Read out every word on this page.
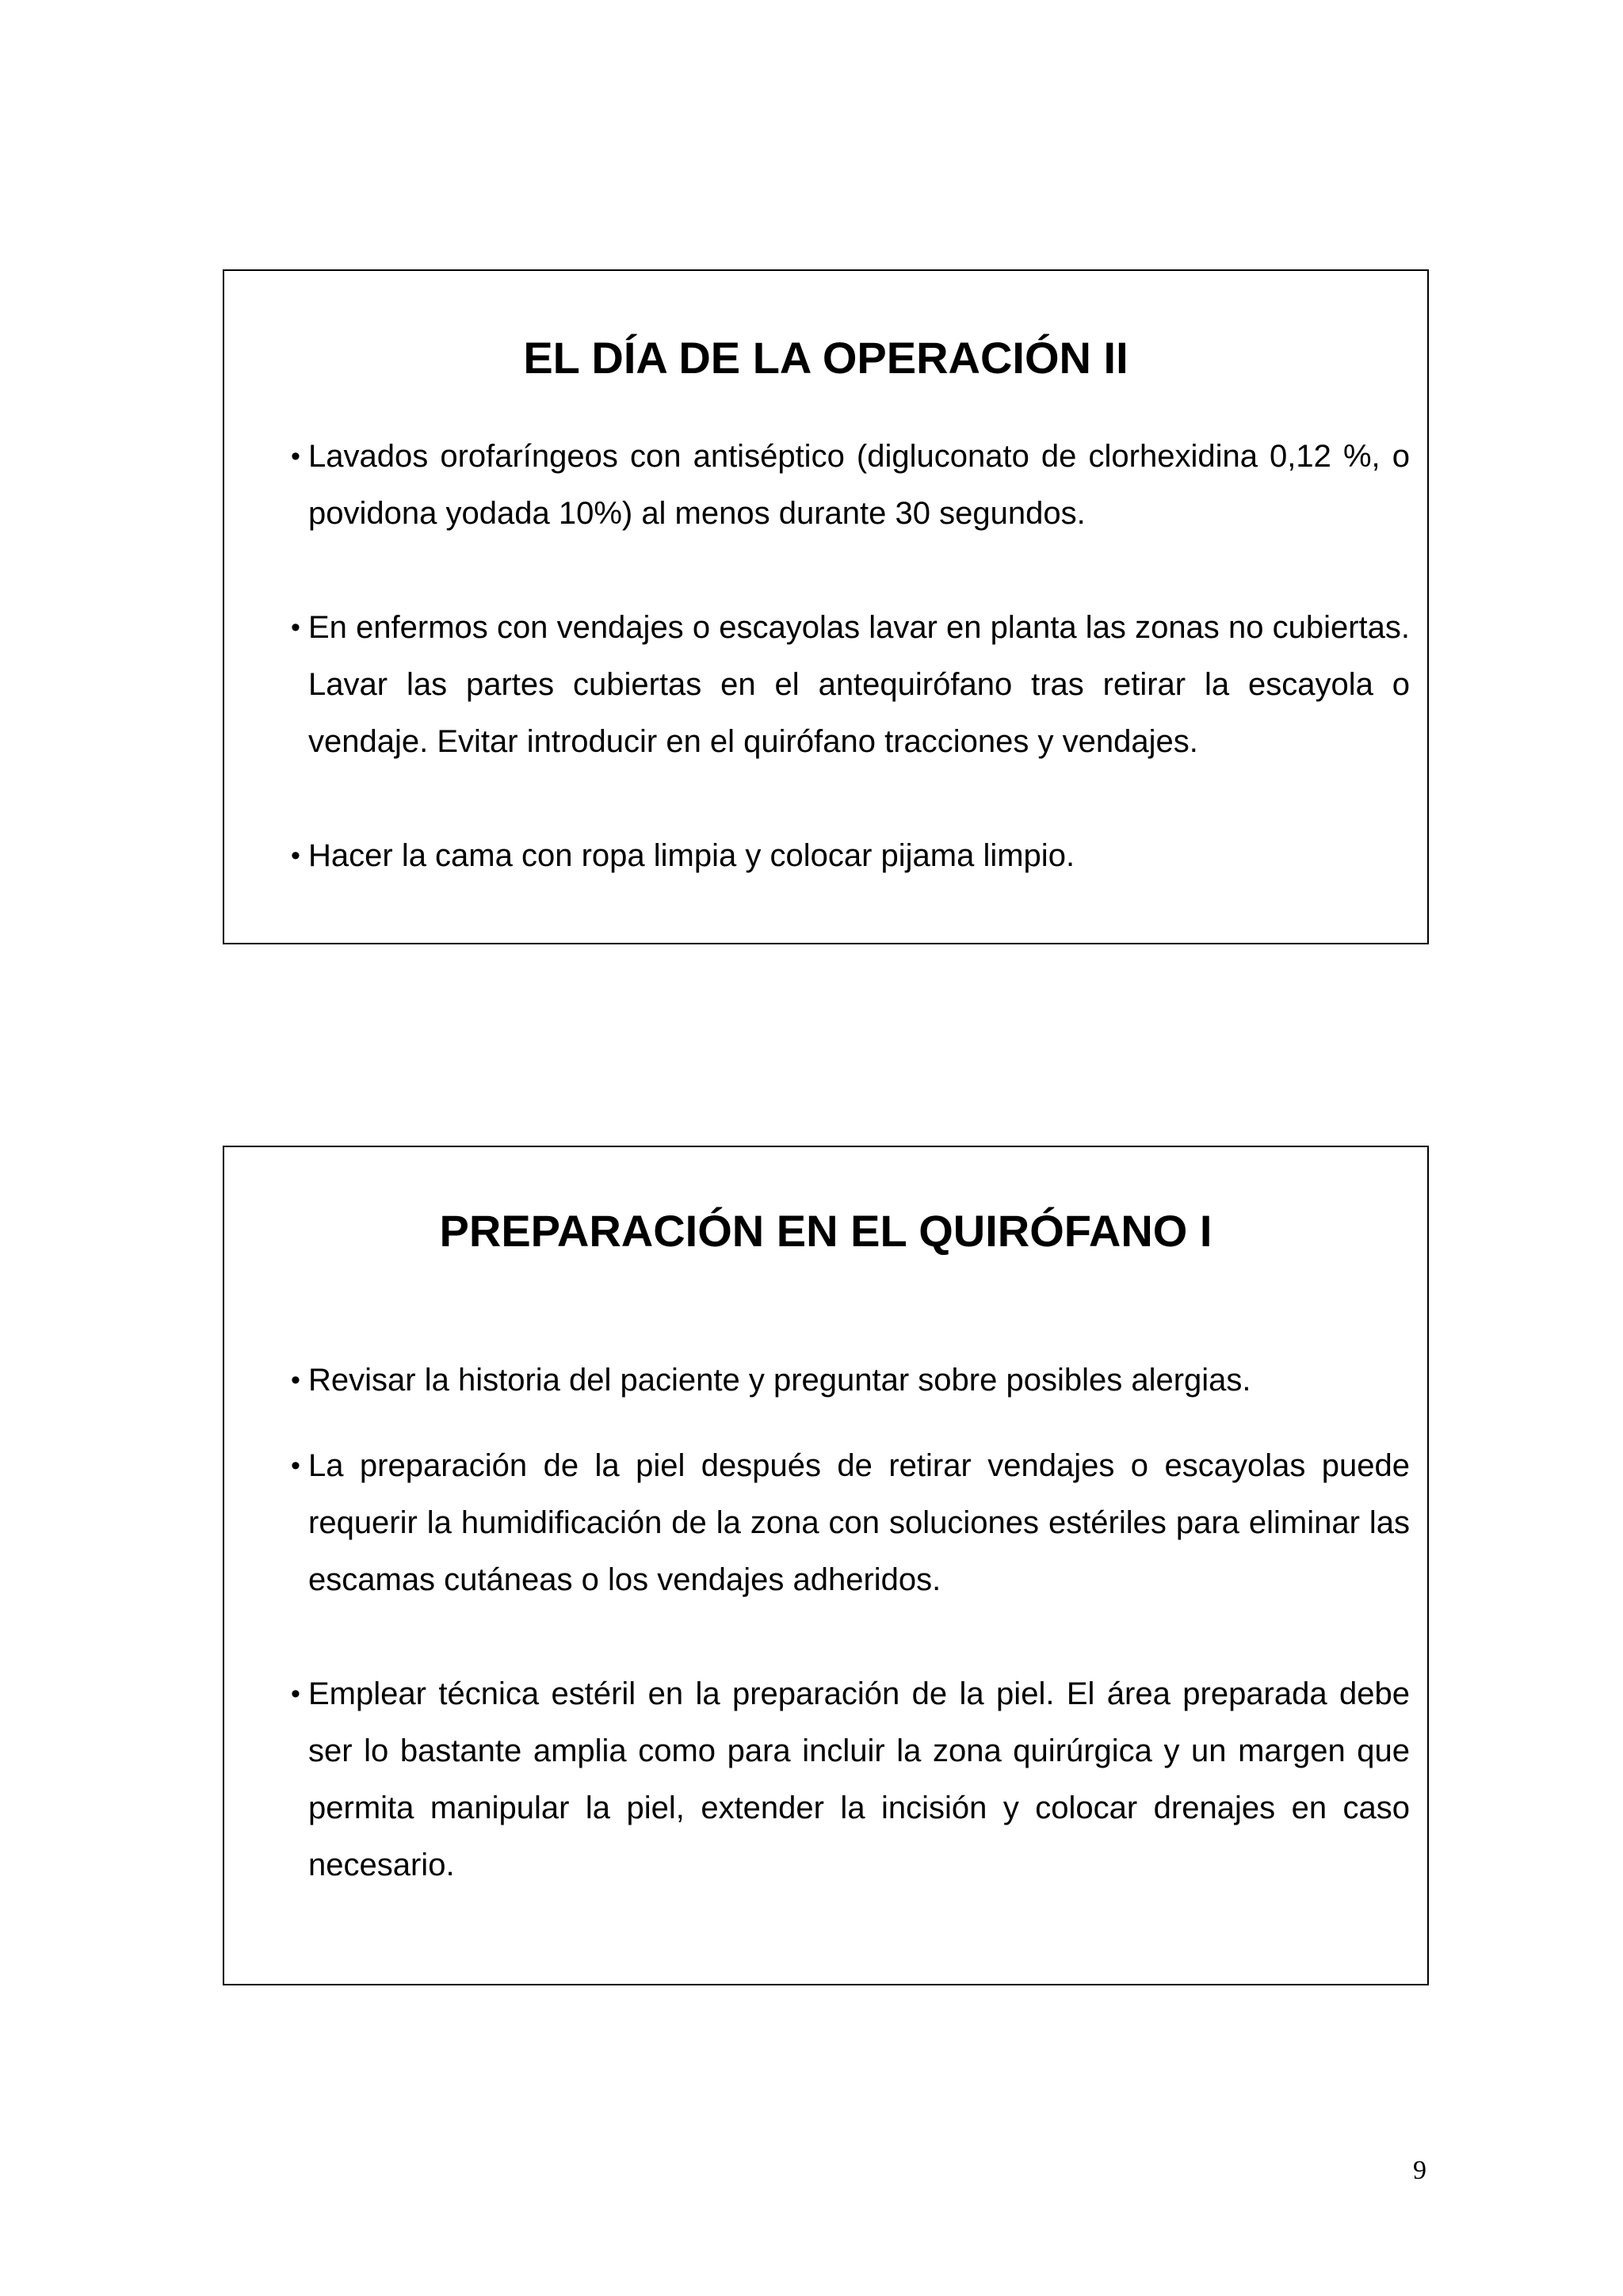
EL DÍA DE LA OPERACIÓN II
• Lavados orofaríngeos con antiséptico (digluconato de clorhexidina 0,12 %, o povidona yodada 10%) al menos durante 30 segundos.
• En enfermos con vendajes o escayolas lavar en planta las zonas no cubiertas. Lavar las partes cubiertas en el antequirófano tras retirar la escayola o vendaje. Evitar introducir en el quirófano tracciones y vendajes.
• Hacer la cama con ropa limpia y colocar pijama limpio.
PREPARACIÓN EN EL QUIRÓFANO I
• Revisar la historia del paciente y preguntar sobre posibles alergias.
• La preparación de la piel después de retirar vendajes o escayolas puede requerir la humidificación de la zona con soluciones estériles para eliminar las escamas cutáneas o los vendajes adheridos.
• Emplear técnica estéril en la preparación de la piel. El área preparada debe ser lo bastante amplia como para incluir la zona quirúrgica y un margen que permita manipular la piel, extender la incisión y colocar drenajes en caso necesario.
9
